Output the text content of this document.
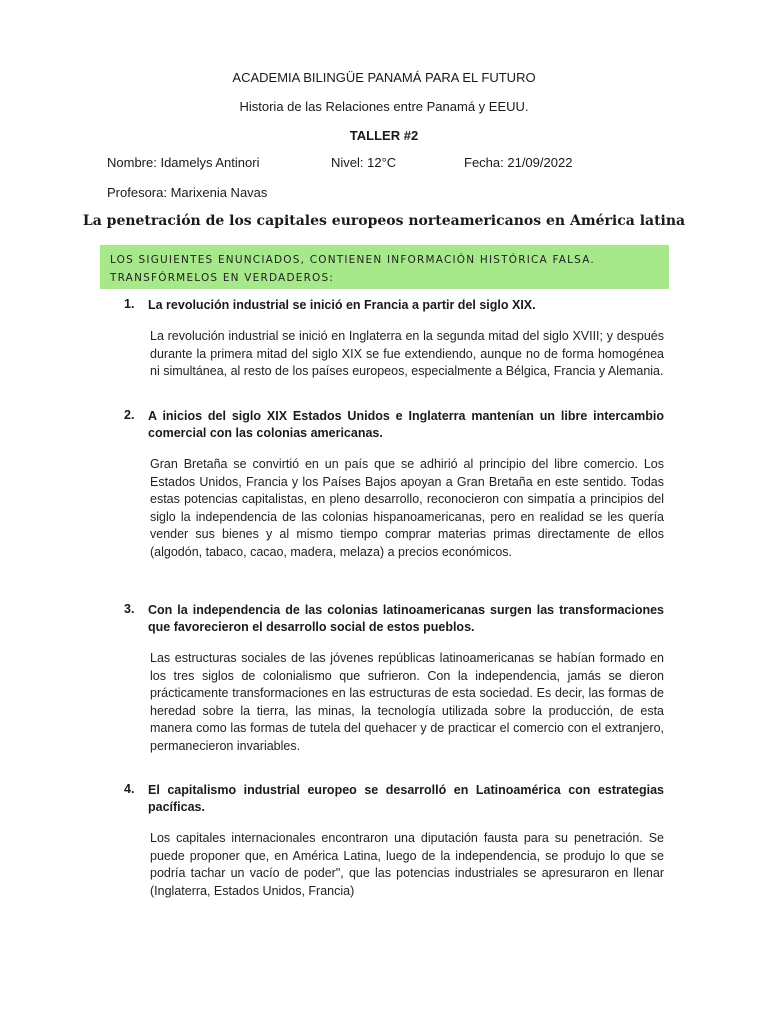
ACADEMIA BILINGÜE PANAMÁ PARA EL FUTURO
Historia de las Relaciones entre Panamá y EEUU.
TALLER #2
Nombre: Idamelys Antinori	Nivel: 12°C	Fecha: 21/09/2022
Profesora: Marixenia Navas
La penetración de los capitales europeos norteamericanos en América latina
LOS SIGUIENTES ENUNCIADOS, CONTIENEN INFORMACIÓN HISTÓRICA FALSA.
TRANSFÓRMELOS EN VERDADEROS:
1. La revolución industrial se inició en Francia a partir del siglo XIX.
La revolución industrial se inició en Inglaterra en la segunda mitad del siglo XVIII; y después durante la primera mitad del siglo XIX se fue extendiendo, aunque no de forma homogénea ni simultánea, al resto de los países europeos, especialmente a Bélgica, Francia y Alemania.
2. A inicios del siglo XIX Estados Unidos e Inglaterra mantenían un libre intercambio comercial con las colonias americanas.
Gran Bretaña se convirtió en un país que se adhirió al principio del libre comercio. Los Estados Unidos, Francia y los Países Bajos apoyan a Gran Bretaña en este sentido. Todas estas potencias capitalistas, en pleno desarrollo, reconocieron con simpatía a principios del siglo la independencia de las colonias hispanoamericanas, pero en realidad se les quería vender sus bienes y al mismo tiempo comprar materias primas directamente de ellos (algodón, tabaco, cacao, madera, melaza) a precios económicos.
3. Con la independencia de las colonias latinoamericanas surgen las transformaciones que favorecieron el desarrollo social de estos pueblos.
Las estructuras sociales de las jóvenes repúblicas latinoamericanas se habían formado en los tres siglos de colonialismo que sufrieron. Con la independencia, jamás se dieron prácticamente transformaciones en las estructuras de esta sociedad. Es decir, las formas de heredad sobre la tierra, las minas, la tecnología utilizada sobre la producción, de esta manera como las formas de tutela del quehacer y de practicar el comercio con el extranjero, permanecieron invariables.
4. El capitalismo industrial europeo se desarrolló en Latinoamérica con estrategias pacíficas.
Los capitales internacionales encontraron una diputación fausta para su penetración. Se puede proponer que, en América Latina, luego de la independencia, se produjo lo que se podría tachar un vacío de poder", que las potencias industriales se apresuraron en llenar (Inglaterra, Estados Unidos, Francia)
